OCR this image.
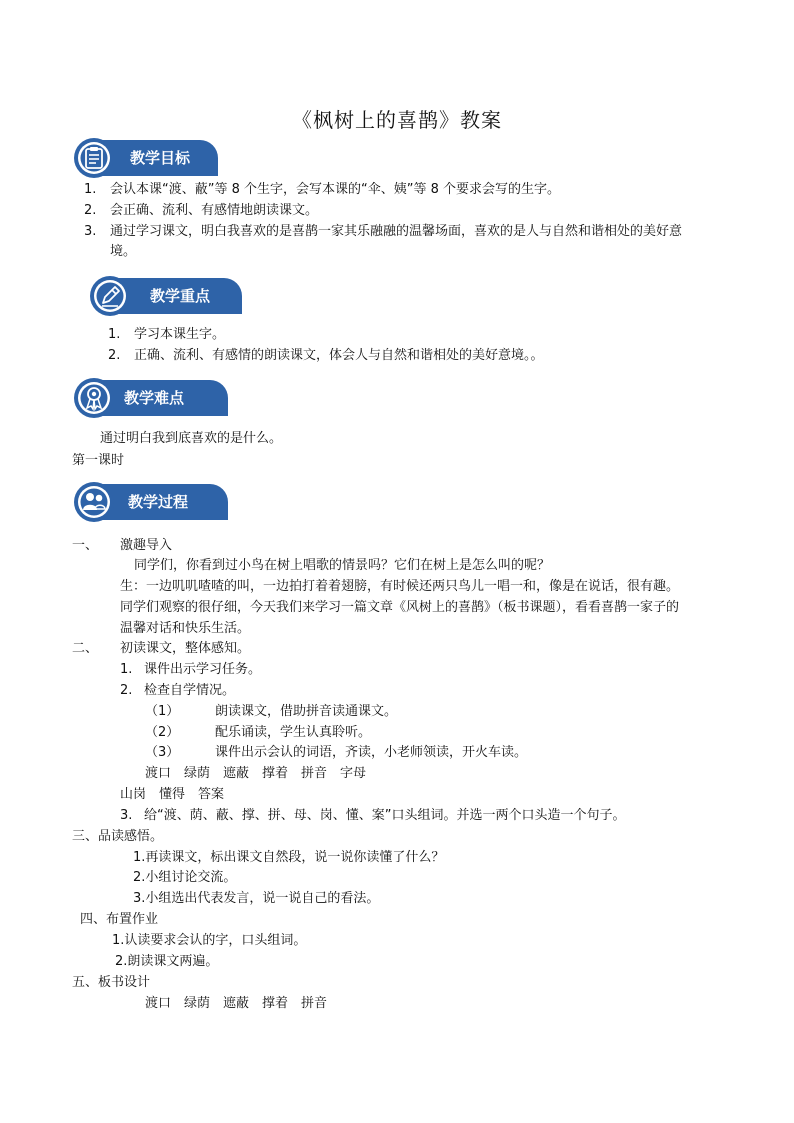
《枫树上的喜鹊》教案
教学目标
1. 会认本课“渡、蔽”等 8 个生字，会写本课的“伞、姨”等 8 个要求会写的生字。
2. 会正确、流利、有感情地朗读课文。
3. 通过学习课文，明白我喜欢的是喜鹊一家其乐融融的温馨场面，喜欢的是人与自然和谐相处的美好意
境。
教学重点
1. 学习本课生字。
2. 正确、流利、有感情的朗读课文，体会人与自然和谐相处的美好意境。。
教学难点
通过明白我到底喜欢的是什么。
第一课时
教学过程
一、 激趣导入
同学们，你看到过小鸟在树上唱歌的情景吗？它们在树上是怎么叫的呢？
生：一边叽叽喳喳的叫，一边拍打着着翅膀，有时候还两只鸟儿一唱一和，像是在说话，很有趣。
同学们观察的很仔细，今天我们来学习一篇文章《风树上的喜鹊》（板书课题），看看喜鹊一家子的
温馨对话和快乐生活。
二、 初读课文，整体感知。
1. 课件出示学习任务。
2. 检查自学情况。
（1）	朗读课文，借助拼音读通课文。
（2）	配乐诵读，学生认真聆听。
（3）	课件出示会认的词语，齐读，小老师领读，开火车读。
渡口　绿荫　遮蔽　撑着　拼音　字母
山岗　懂得　答案
3. 给“渡、荫、蔽、撑、拼、母、岗、懂、案”口头组词。并选一两个口头造一个句子。
三、品读感悟。
1.再读课文，标出课文自然段，说一说你读懂了什么？
2.小组讨论交流。
3.小组选出代表发言，说一说自己的看法。
四、布置作业
1.认读要求会认的字，口头组词。
2.朗读课文两遍。
五、板书设计
渡口　绿荫　遮蔽　撑着　拼音
